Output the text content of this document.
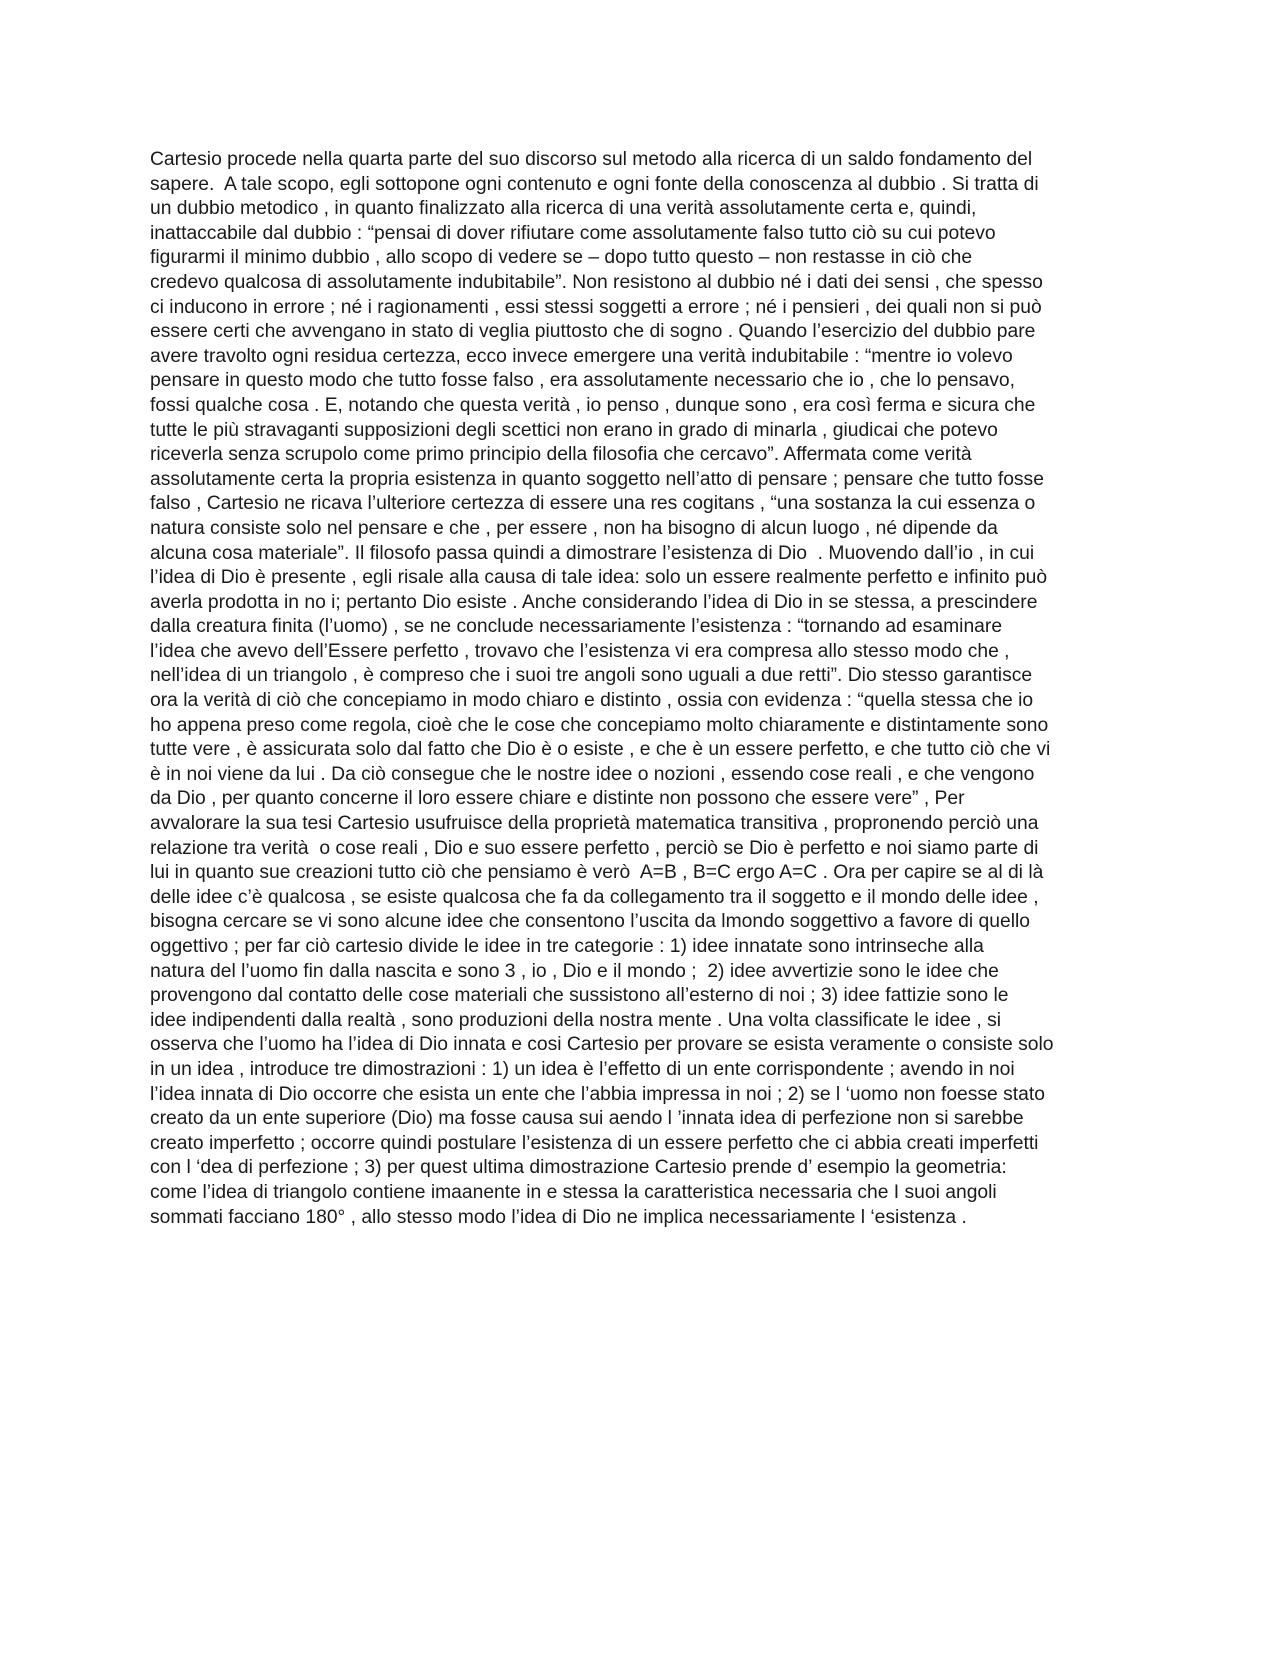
Cartesio procede nella quarta parte del suo discorso sul metodo alla ricerca di un saldo fondamento del
sapere.  A tale scopo, egli sottopone ogni contenuto e ogni fonte della conoscenza al dubbio . Si tratta di
un dubbio metodico , in quanto finalizzato alla ricerca di una verità assolutamente certa e, quindi,
inattaccabile dal dubbio : “pensai di dover rifiutare come assolutamente falso tutto ciò su cui potevo
figurarmi il minimo dubbio , allo scopo di vedere se – dopo tutto questo – non restasse in ciò che
credevo qualcosa di assolutamente indubitabile”. Non resistono al dubbio né i dati dei sensi , che spesso
ci inducono in errore ; né i ragionamenti , essi stessi soggetti a errore ; né i pensieri , dei quali non si può
essere certi che avvengano in stato di veglia piuttosto che di sogno . Quando l’esercizio del dubbio pare
avere travolto ogni residua certezza, ecco invece emergere una verità indubitabile : “mentre io volevo
pensare in questo modo che tutto fosse falso , era assolutamente necessario che io , che lo pensavo,
fossi qualche cosa . E, notando che questa verità , io penso , dunque sono , era così ferma e sicura che
tutte le più stravaganti supposizioni degli scettici non erano in grado di minarla , giudicai che potevo
riceverla senza scrupolo come primo principio della filosofia che cercavo”. Affermata come verità
assolutamente certa la propria esistenza in quanto soggetto nell’atto di pensare ; pensare che tutto fosse
falso , Cartesio ne ricava l’ulteriore certezza di essere una res cogitans , “una sostanza la cui essenza o
natura consiste solo nel pensare e che , per essere , non ha bisogno di alcun luogo , né dipende da
alcuna cosa materiale”. Il filosofo passa quindi a dimostrare l’esistenza di Dio  . Muovendo dall’io , in cui
l’idea di Dio è presente , egli risale alla causa di tale idea: solo un essere realmente perfetto e infinito può
averla prodotta in no i; pertanto Dio esiste . Anche considerando l’idea di Dio in se stessa, a prescindere
dalla creatura finita (l’uomo) , se ne conclude necessariamente l’esistenza : “tornando ad esaminare
l’idea che avevo dell’Essere perfetto , trovavo che l’esistenza vi era compresa allo stesso modo che ,
nell’idea di un triangolo , è compreso che i suoi tre angoli sono uguali a due retti”. Dio stesso garantisce
ora la verità di ciò che concepiamo in modo chiaro e distinto , ossia con evidenza : “quella stessa che io
ho appena preso come regola, cioè che le cose che concepiamo molto chiaramente e distintamente sono
tutte vere , è assicurata solo dal fatto che Dio è o esiste , e che è un essere perfetto, e che tutto ciò che vi
è in noi viene da lui . Da ciò consegue che le nostre idee o nozioni , essendo cose reali , e che vengono
da Dio , per quanto concerne il loro essere chiare e distinte non possono che essere vere” , Per
avvalorare la sua tesi Cartesio usufruisce della proprietà matematica transitiva , propronendo perciò una
relazione tra verità  o cose reali , Dio e suo essere perfetto , perciò se Dio è perfetto e noi siamo parte di
lui in quanto sue creazioni tutto ciò che pensiamo è verò  A=B , B=C ergo A=C . Ora per capire se al di là
delle idee c’è qualcosa , se esiste qualcosa che fa da collegamento tra il soggetto e il mondo delle idee ,
bisogna cercare se vi sono alcune idee che consentono l’uscita da lmondo soggettivo a favore di quello
oggettivo ; per far ciò cartesio divide le idee in tre categorie : 1) idee innatate sono intrinseche alla
natura del l’uomo fin dalla nascita e sono 3 , io , Dio e il mondo ;  2) idee avvertizie sono le idee che
provengono dal contatto delle cose materiali che sussistono all’esterno di noi ; 3) idee fattizie sono le
idee indipendenti dalla realtà , sono produzioni della nostra mente . Una volta classificate le idee , si
osserva che l’uomo ha l’idea di Dio innata e cosi Cartesio per provare se esista veramente o consiste solo
in un idea , introduce tre dimostrazioni : 1) un idea è l’effetto di un ente corrispondente ; avendo in noi
l’idea innata di Dio occorre che esista un ente che l’abbia impressa in noi ; 2) se l ‘uomo non foesse stato
creato da un ente superiore (Dio) ma fosse causa sui aendo l ’innata idea di perfezione non si sarebbe
creato imperfetto ; occorre quindi postulare l’esistenza di un essere perfetto che ci abbia creati imperfetti
con l ‘dea di perfezione ; 3) per quest ultima dimostrazione Cartesio prende d’ esempio la geometria:
come l’idea di triangolo contiene imaanente in e stessa la caratteristica necessaria che I suoi angoli
sommati facciano 180° , allo stesso modo l’idea di Dio ne implica necessariamente l ‘esistenza .
